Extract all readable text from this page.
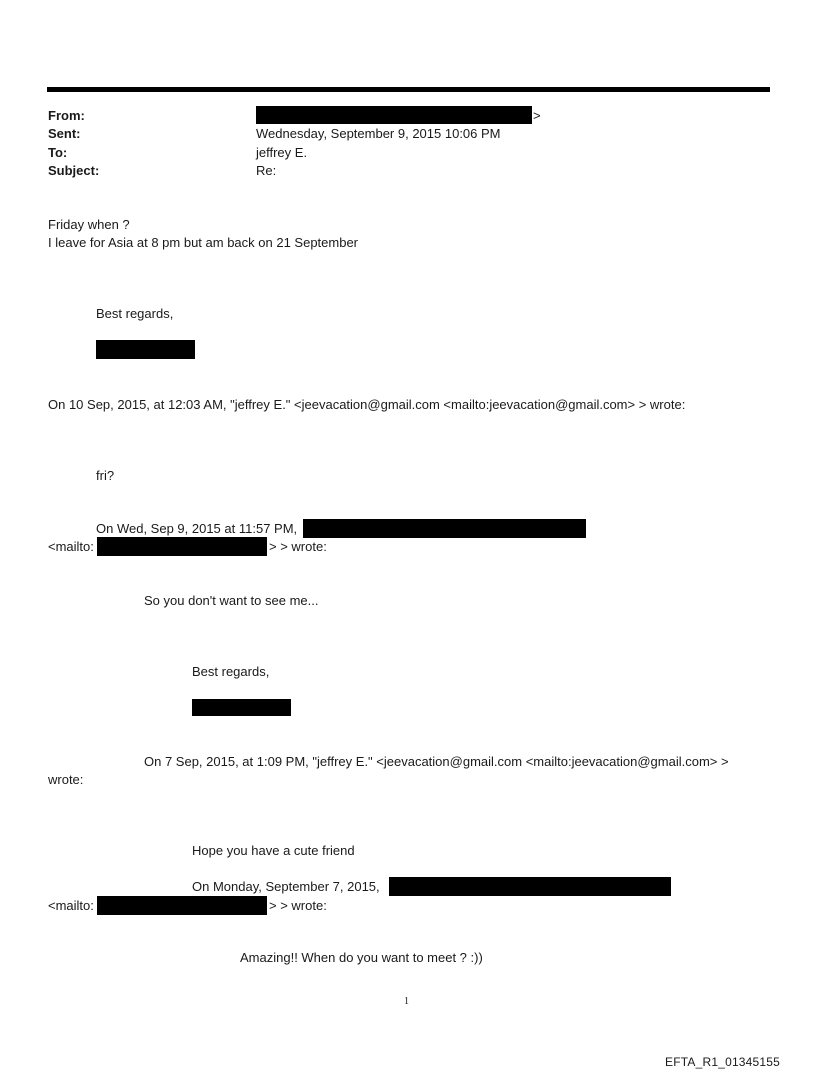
From:	>
Sent:	Wednesday, September 9, 2015 10:06 PM
To:	jeffrey E.
Subject:	Re:
Friday when ?
I leave for Asia at 8 pm but am back on 21 September
Best regards,
On 10 Sep, 2015, at 12:03 AM, "jeffrey E." <jeevacation@gmail.com <mailto:jeevacation@gmail.com> > wrote:
fri?
On Wed, Sep 9, 2015 at 11:57 PM,
<mailto:	> > wrote:
So you don't want to see me...
Best regards,
On 7 Sep, 2015, at 1:09 PM, "jeffrey E." <jeevacation@gmail.com <mailto:jeevacation@gmail.com> >
wrote:
Hope you have a cute friend
On Monday, September 7, 2015,
<mailto:	> > wrote:
Amazing!! When do you want to meet ? :))
1
EFTA_R1_01345155
